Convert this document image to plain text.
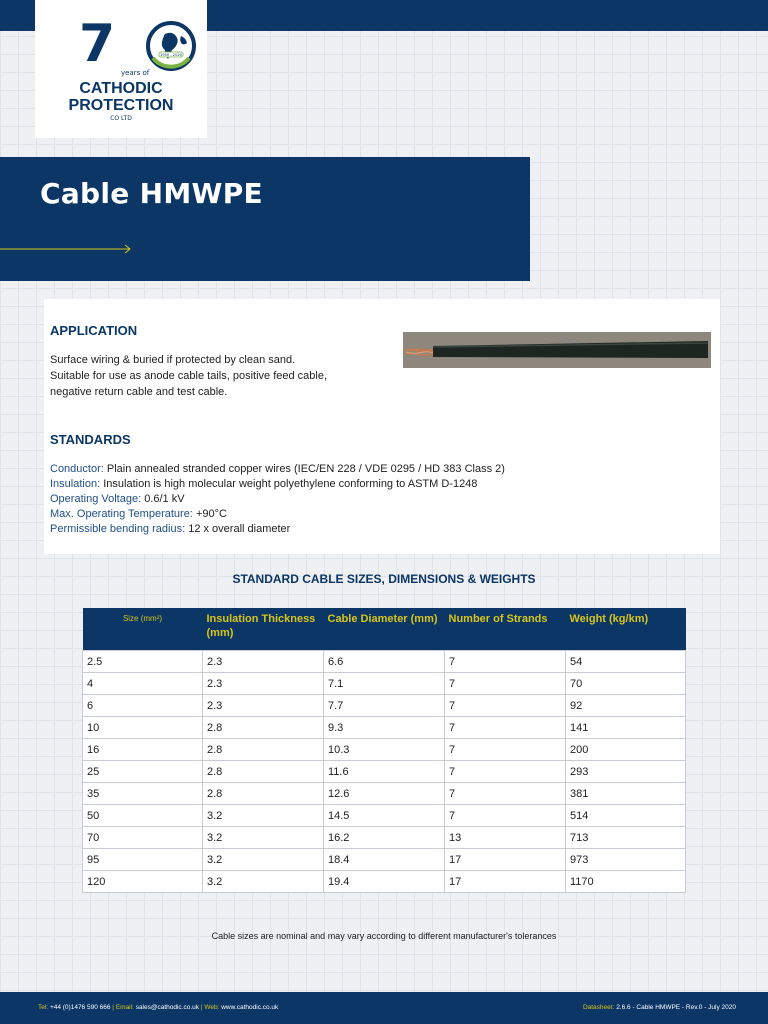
7	1950 - 2020
years of
CATHODIC
PROTECTION
CO LTD
Cable HMWPE
APPLICATION
Surface wiring & buried if protected by clean sand.
Suitable for use as anode cable tails, positive feed cable,
negative return cable and test cable.
STANDARDS
Conductor: Plain annealed stranded copper wires (IEC/EN 228 / VDE 0295 / HD 383 Class 2)
Insulation: Insulation is high molecular weight polyethylene conforming to ASTM D-1248
Operating Voltage: 0.6/1 kV
Max. Operating Temperature: +90°C
Permissible bending radius: 12 x overall diameter
STANDARD CABLE SIZES, DIMENSIONS & WEIGHTS
Size (mm²)	Insulation Thickness (mm)	Cable Diameter (mm)	Number of Strands	Weight (kg/km)
2.5	2.3	6.6	7	54
4	2.3	7.1	7	70
6	2.3	7.7	7	92
10	2.8	9.3	7	141
16	2.8	10.3	7	200
25	2.8	11.6	7	293
35	2.8	12.6	7	381
50	3.2	14.5	7	514
70	3.2	16.2	13	713
95	3.2	18.4	17	973
120	3.2	19.4	17	1170

Cable sizes are nominal and may vary according to different manufacturer's tolerances

Tel: +44 (0)1476 590 666 | Email: sales@cathodic.co.uk | Web: www.cathodic.co.uk	Datasheet: 2.6.6 - Cable HMWPE - Rev.0 - July 2020
